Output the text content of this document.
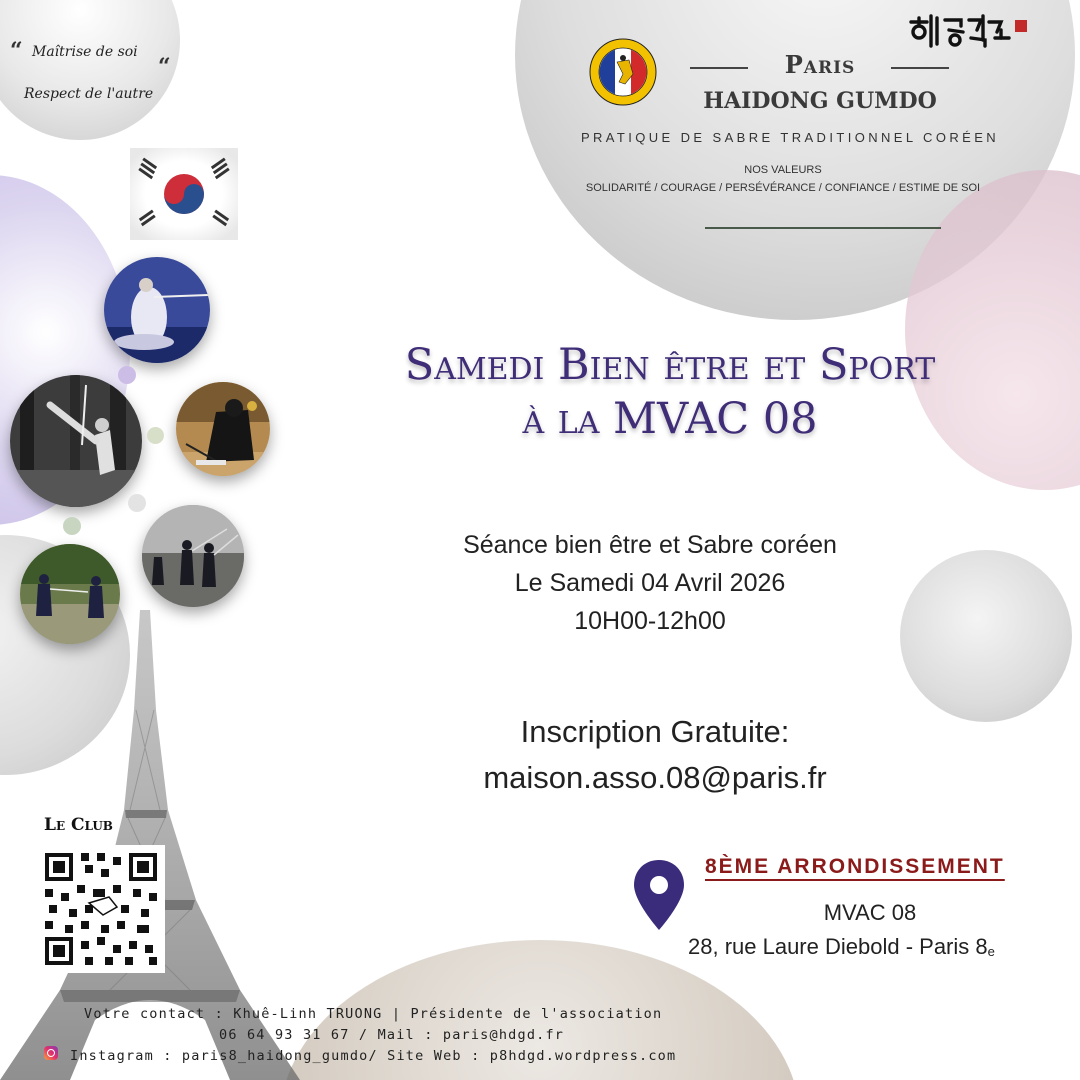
“ Maîtrise de soi
“
Respect de l'autre
Paris
HAIDONG GUMDO
PRATIQUE DE SABRE TRADITIONNEL CORÉEN
NOS VALEURS
SOLIDARITÉ / COURAGE / PERSÉVÉRANCE / CONFIANCE / ESTIME DE SOI
Samedi Bien être et Sport
à la MVAC 08
Séance bien être et Sabre coréen
Le Samedi 04 Avril 2026
10H00-12h00
Inscription Gratuite:
maison.asso.08@paris.fr
8ÈME ARRONDISSEMENT
MVAC 08
28, rue Laure Diebold - Paris $8_e$
Le Club
Votre contact : Khuê-Linh TRUONG | Présidente de l'association
06 64 93 31 67 / Mail : paris@hdgd.fr
Instagram : paris8_haidong_gumdo/ Site Web : p8hdgd.wordpress.com
